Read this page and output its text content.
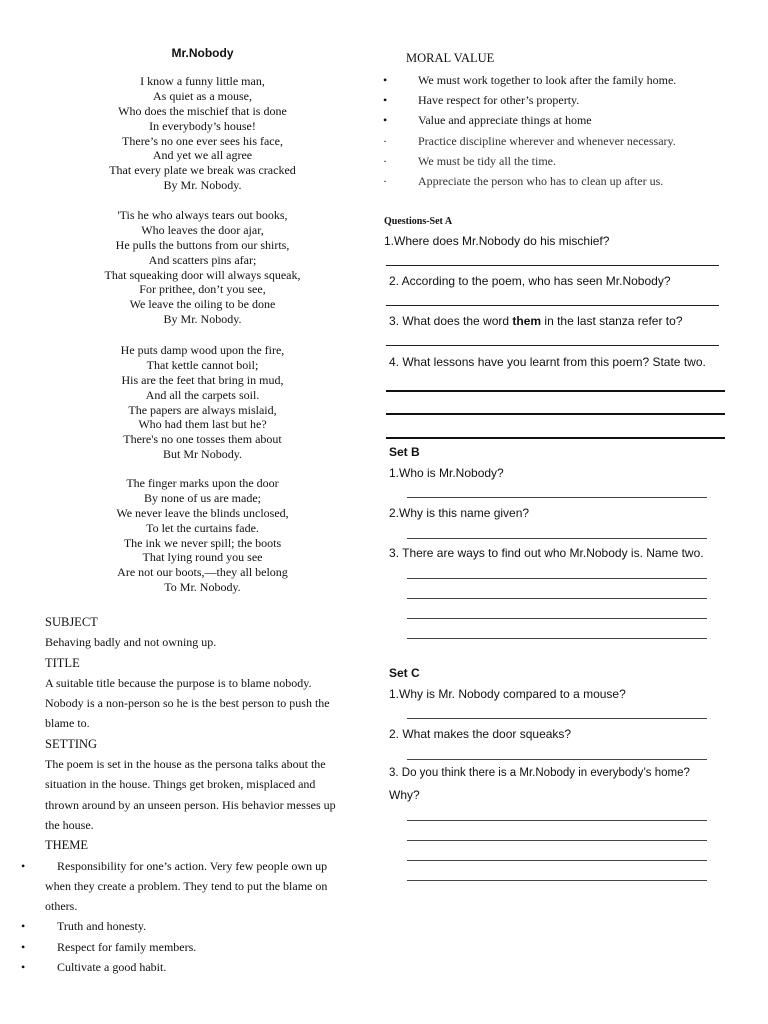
Mr.Nobody
I know a funny little man,
As quiet as a mouse,
Who does the mischief that is done
In everybody’s house!
There’s no one ever sees his face,
And yet we all agree
That every plate we break was cracked
By Mr. Nobody.
'Tis he who always tears out books,
Who leaves the door ajar,
He pulls the buttons from our shirts,
And scatters pins afar;
That squeaking door will always squeak,
For prithee, don’t you see,
We leave the oiling to be done
By Mr. Nobody.
He puts damp wood upon the fire,
That kettle cannot boil;
His are the feet that bring in mud,
And all the carpets soil.
The papers are always mislaid,
Who had them last but he?
There's no one tosses them about
But Mr Nobody.
The finger marks upon the door
By none of us are made;
We never leave the blinds unclosed,
To let the curtains fade.
The ink we never spill; the boots
That lying round you see
Are not our boots,—they all belong
To Mr. Nobody.
SUBJECT
Behaving badly and not owning up.
TITLE
A suitable title because the purpose is to blame nobody.
Nobody is a non-person so he is the best person to push the
blame to.
SETTING
The poem is set in the house as the persona talks about the
situation in the house. Things get broken, misplaced and
thrown around by an unseen person. His behavior messes up
the house.
THEME
•	Responsibility for one’s action. Very few people own up
when they create a problem. They tend to put the blame on
others.
•	Truth and honesty.
•	Respect for family members.
•	Cultivate a good habit.
MORAL VALUE
•	We must work together to look after the family home.
•	Have respect for other’s property.
•	Value and appreciate things at home
·	Practice discipline wherever and whenever necessary.
·	We must be tidy all the time.
·	Appreciate the person who has to clean up after us.
Questions-Set A
1.Where does Mr.Nobody do his mischief?
2. According to the poem, who has seen Mr.Nobody?
3. What does the word them in the last stanza refer to?
4. What lessons have you learnt from this poem? State two.
Set B
1.Who is Mr.Nobody?
2.Why is this name given?
3. There are ways to find out who Mr.Nobody is. Name two.
Set C
1.Why is Mr. Nobody compared to a mouse?
2. What makes the door squeaks?
3. Do you think there is a Mr.Nobody in everybody’s home?
Why?
